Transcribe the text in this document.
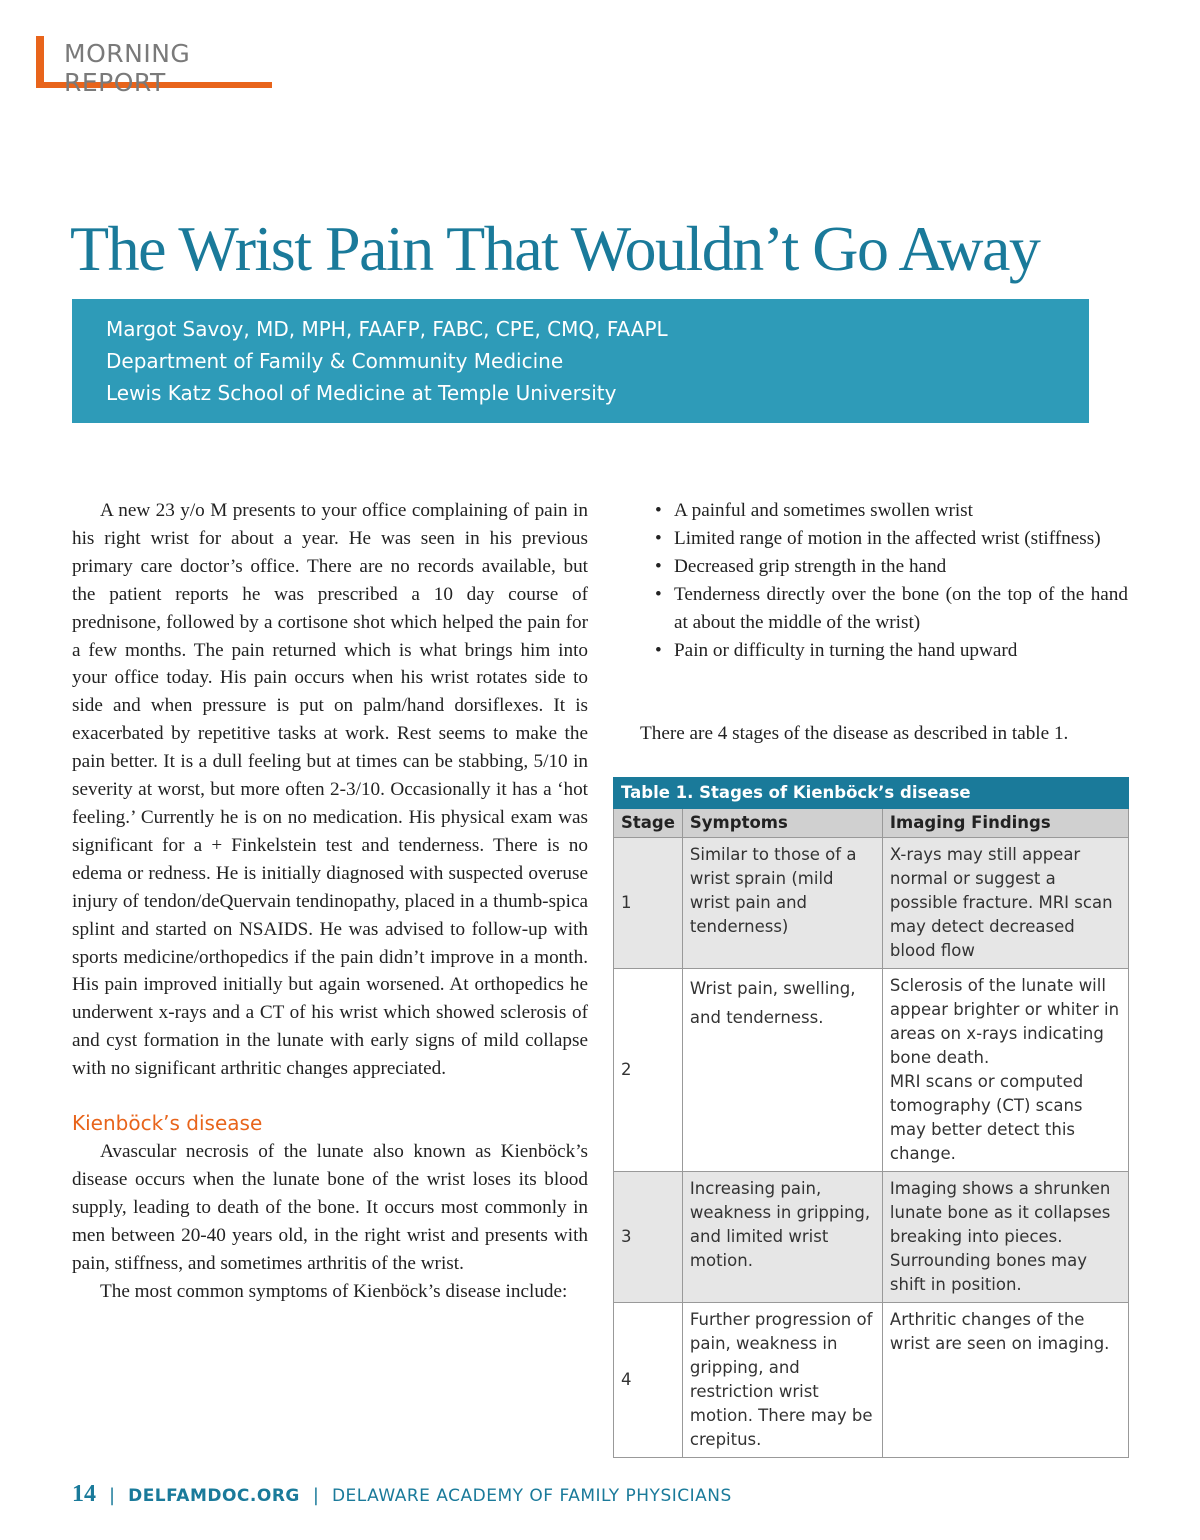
MORNING REPORT
The Wrist Pain That Wouldn’t Go Away
Margot Savoy, MD, MPH, FAAFP, FABC, CPE, CMQ, FAAPL
Department of Family & Community Medicine
Lewis Katz School of Medicine at Temple University

A new 23 y/o M presents to your office complaining of pain in his right wrist for about a year. He was seen in his previous primary care doctor’s office. There are no records available, but the patient reports he was prescribed a 10 day course of prednisone, followed by a cortisone shot which helped the pain for a few months. The pain returned which is what brings him into your office today. His pain occurs when his wrist rotates side to side and when pressure is put on palm/hand dorsiflexes. It is exacerbated by repetitive tasks at work. Rest seems to make the pain better. It is a dull feeling but at times can be stabbing, 5/10 in severity at worst, but more often 2-3/10. Occasionally it has a ‘hot feeling.’ Currently he is on no medication. His physical exam was significant for a + Finkelstein test and tenderness. There is no edema or redness. He is initially diagnosed with suspected overuse injury of tendon/deQuervain tendinopathy, placed in a thumb-spica splint and started on NSAIDS. He was advised to follow-up with sports medicine/orthopedics if the pain didn’t improve in a month. His pain improved initially but again worsened. At orthopedics he underwent x-rays and a CT of his wrist which showed sclerosis of and cyst formation in the lunate with early signs of mild collapse with no significant arthritic changes appreciated.

Kienböck’s disease

Avascular necrosis of the lunate also known as Kienböck’s disease occurs when the lunate bone of the wrist loses its blood supply, leading to death of the bone. It occurs most commonly in men between 20-40 years old, in the right wrist and presents with pain, stiffness, and sometimes arthritis of the wrist.

The most common symptoms of Kienböck’s disease include:

• A painful and sometimes swollen wrist
• Limited range of motion in the affected wrist (stiffness)
• Decreased grip strength in the hand
• Tenderness directly over the bone (on the top of the hand at about the middle of the wrist)
• Pain or difficulty in turning the hand upward
There are 4 stages of the disease as described in table 1.
Table 1. Stages of Kienböck’s disease		
Stage	Symptoms	Imaging Findings
1	Similar to those of a wrist sprain (mild wrist pain and tenderness)	X-rays may still appear normal or suggest a possible fracture. MRI scan may detect decreased blood flow
2	Wrist pain, swelling, and tenderness.	Sclerosis of the lunate will appear brighter or whiter in areas on x-rays indicating bone death.
MRI scans or computed tomography (CT) scans may better detect this change.

3	Increasing pain, weakness in gripping, and limited wrist motion.	Imaging shows a shrunken lunate bone as it collapses breaking into pieces. Surrounding bones may shift in position.
4	Further progression of pain, weakness in gripping, and restriction wrist motion. There may be crepitus.	Arthritic changes of the wrist are seen on imaging.
14 | DELFAMDOC.ORG | DELAWARE ACADEMY OF FAMILY PHYSICIANS
